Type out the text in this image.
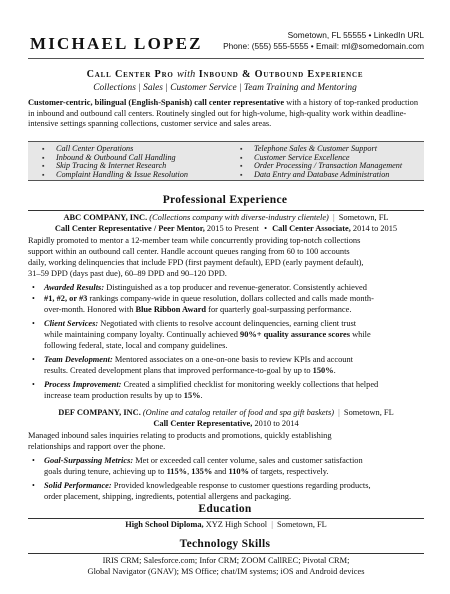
MICHAEL LOPEZ	Sometown, FL 55555 • LinkedIn URL
Phone: (555) 555-5555 • Email: ml@somedomain.com
Call Center Pro with Inbound & Outbound Experience
Collections | Sales | Customer Service | Team Training and Mentoring
Customer-centric, bilingual (English-Spanish) call center representative with a history of top-ranked production in inbound and outbound call centers. Routinely singled out for high-volume, high-quality work within deadline-intensive settings spanning collections, customer service and sales areas.
▪ Call Center Operations
▪ Inbound & Outbound Call Handling
▪ Skip Tracing & Internet Research
▪ Complaint Handling & Issue Resolution
▪ Telephone Sales & Customer Support
▪ Customer Service Excellence
▪ Order Processing / Transaction Management
▪ Data Entry and Database Administration
Professional Experience
ABC COMPANY, INC. (Collections company with diverse-industry clientele) | Sometown, FL
Call Center Representative / Peer Mentor, 2015 to Present • Call Center Associate, 2014 to 2015
Rapidly promoted to mentor a 12-member team while concurrently providing top-notch collections
support within an outbound call center. Handle account queues ranging from 60 to 100 accounts
daily, working delinquencies that include FPD (first payment default), EPD (early payment default),
31–59 DPD (days past due), 60–89 DPD and 90–120 DPD.
• Awarded Results: Distinguished as a top producer and revenue-generator. Consistently achieved
• #1, #2, or #3 rankings company-wide in queue resolution, dollars collected and calls made month-
over-month. Honored with Blue Ribbon Award for quarterly goal-surpassing performance.
• Client Services: Negotiated with clients to resolve account delinquencies, earning client trust
while maintaining company loyalty. Continually achieved 90%+ quality assurance scores while
following federal, state, local and company guidelines.
• Team Development: Mentored associates on a one-on-one basis to review KPIs and account
results. Created development plans that improved performance-to-goal by up to 150%.
• Process Improvement: Created a simplified checklist for monitoring weekly collections that helped
increase team production results by up to 15%.
DEF COMPANY, INC. (Online and catalog retailer of food and spa gift baskets) | Sometown, FL
Call Center Representative, 2010 to 2014
Managed inbound sales inquiries relating to products and promotions, quickly establishing
relationships and rapport over the phone.
• Goal-Surpassing Metrics: Met or exceeded call center volume, sales and customer satisfaction
goals during tenure, achieving up to 115%, 135% and 110% of targets, respectively.
• Solid Performance: Provided knowledgeable response to customer questions regarding products,
order placement, shipping, ingredients, potential allergens and packaging.
Education
High School Diploma, XYZ High School | Sometown, FL
Technology Skills
IRIS CRM; Salesforce.com; Infor CRM; ZOOM CallREC; Pivotal CRM;
Global Navigator (GNAV); MS Office; chat/IM systems; iOS and Android devices
